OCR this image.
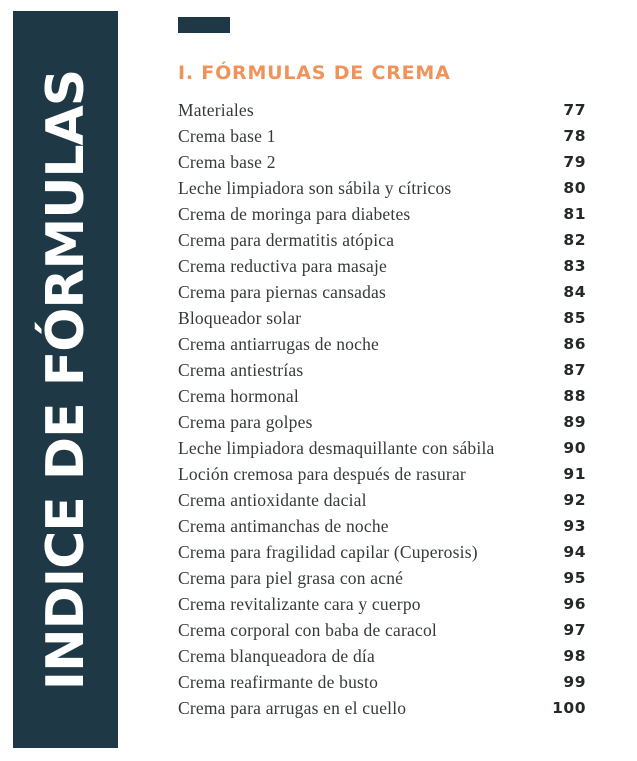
INDICE DE FÓRMULAS	I. FÓRMULAS DE CREMA
Materiales	77
Crema base 1	78
Crema base 2	79
Leche limpiadora son sábila y cítricos	80
Crema de moringa para diabetes	81
Crema para dermatitis atópica	82
Crema reductiva para masaje	83
Crema para piernas cansadas	84
Bloqueador solar	85
Crema antiarrugas de noche	86
Crema antiestrías	87
Crema hormonal	88
Crema para golpes	89
Leche limpiadora desmaquillante con sábila	90
Loción cremosa para después de rasurar	91
Crema antioxidante dacial	92
Crema antimanchas de noche	93
Crema para fragilidad capilar (Cuperosis)	94
Crema para piel grasa con acné	95
Crema revitalizante cara y cuerpo	96
Crema corporal con baba de caracol	97
Crema blanqueadora de día	98
Crema reafirmante de busto	99
Crema para arrugas en el cuello	100
